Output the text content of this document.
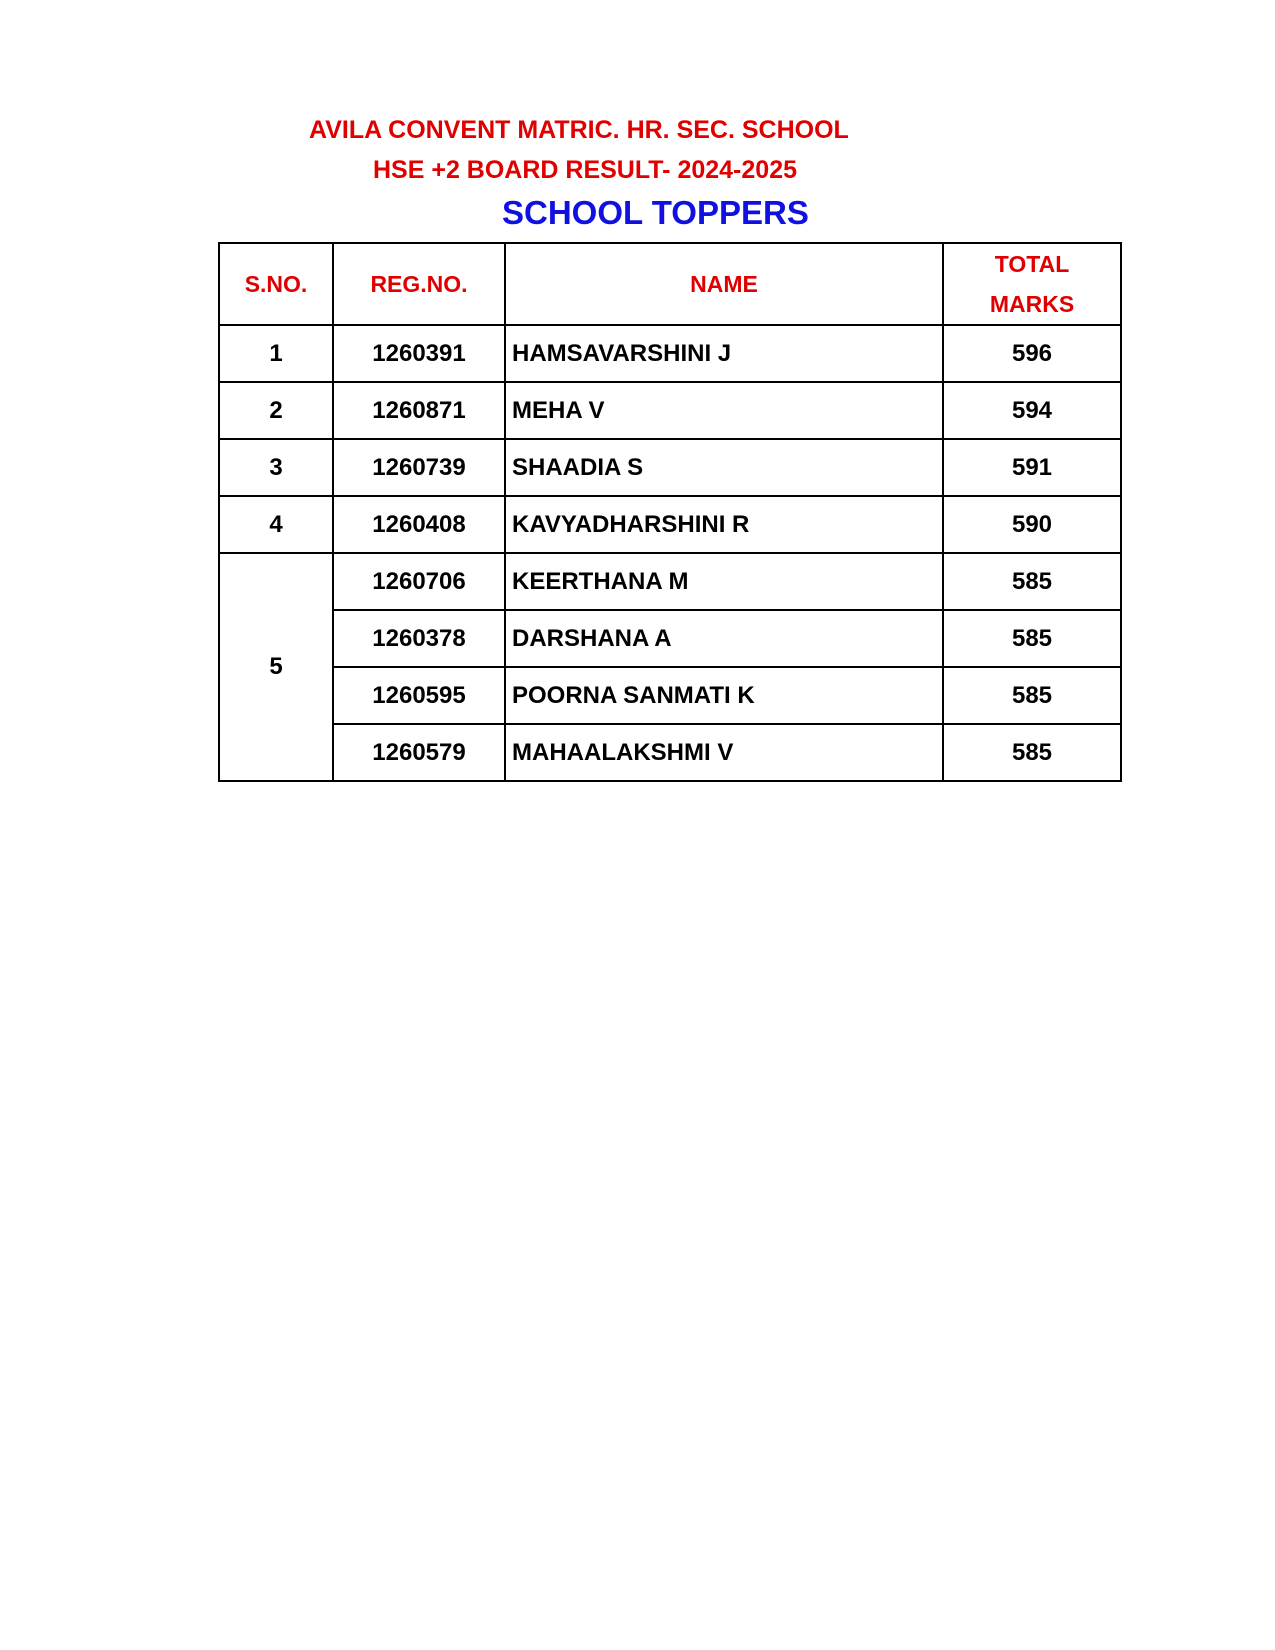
AVILA CONVENT MATRIC. HR. SEC. SCHOOL
HSE +2 BOARD RESULT- 2024-2025
SCHOOL TOPPERS
S.NO.	REG.NO.	NAME	TOTAL
MARKS

1	1260391	HAMSAVARSHINI J	596
2	1260871	MEHA V	594
3	1260739	SHAADIA S	591
4	1260408	KAVYADHARSHINI R	590
5	1260706	KEERTHANA M	585
	1260378	DARSHANA A	585
	1260595	POORNA SANMATI K	585
	1260579	MAHAALAKSHMI V	585
